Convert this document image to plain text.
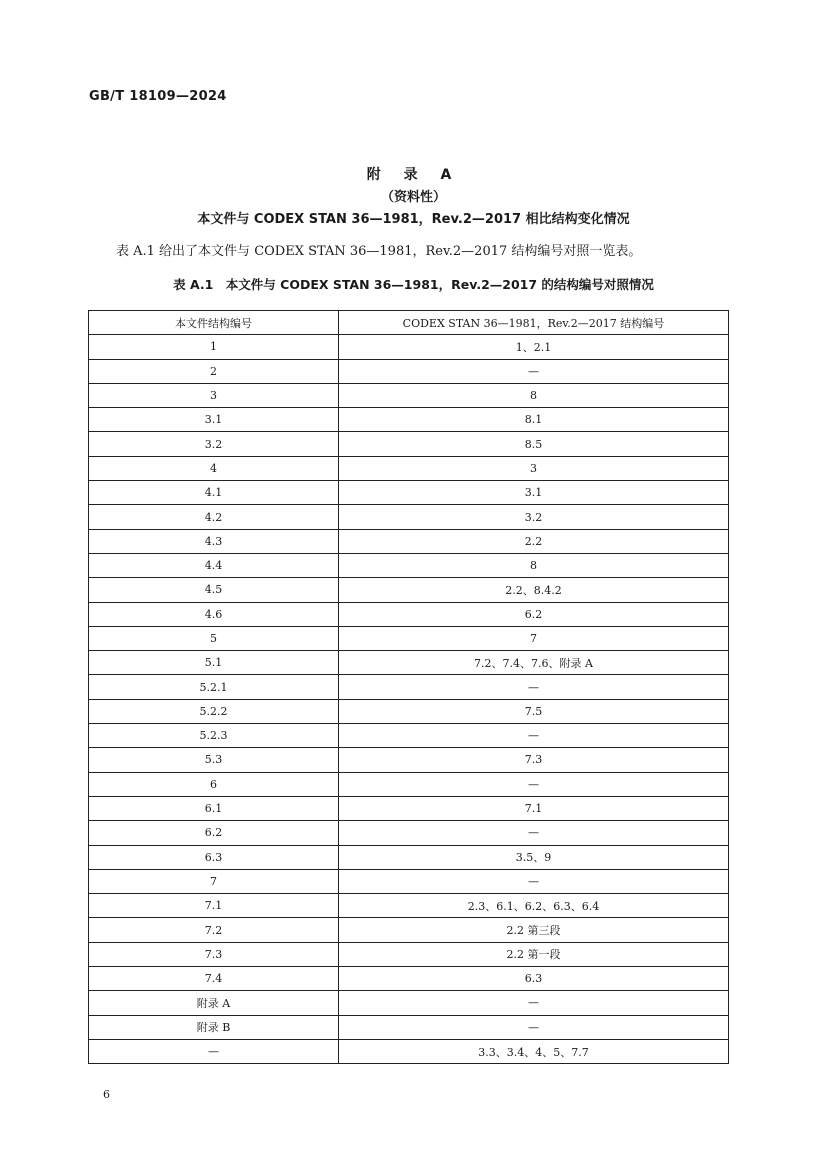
GB/T 18109—2024
附 录 A
（资料性）
本文件与 CODEX STAN 36—1981，Rev.2—2017 相比结构变化情况
表 A.1 给出了本文件与 CODEX STAN 36—1981，Rev.2—2017 结构编号对照一览表。
表 A.1　本文件与 CODEX STAN 36—1981，Rev.2—2017 的结构编号对照情况
本文件结构编号	CODEX STAN 36—1981，Rev.2—2017 结构编号
1	1、2.1
2	—
3	8
3.1	8.1
3.2	8.5
4	3
4.1	3.1
4.2	3.2
4.3	2.2
4.4	8
4.5	2.2、8.4.2
4.6	6.2
5	7
5.1	7.2、7.4、7.6、附录 A
5.2.1	—
5.2.2	7.5
5.2.3	—
5.3	7.3
6	—
6.1	7.1
6.2	—
6.3	3.5、9
7	—
7.1	2.3、6.1、6.2、6.3、6.4
7.2	2.2 第三段
7.3	2.2 第一段
7.4	6.3
附录 A	—
附录 B	—
—	3.3、3.4、4、5、7.7
6
